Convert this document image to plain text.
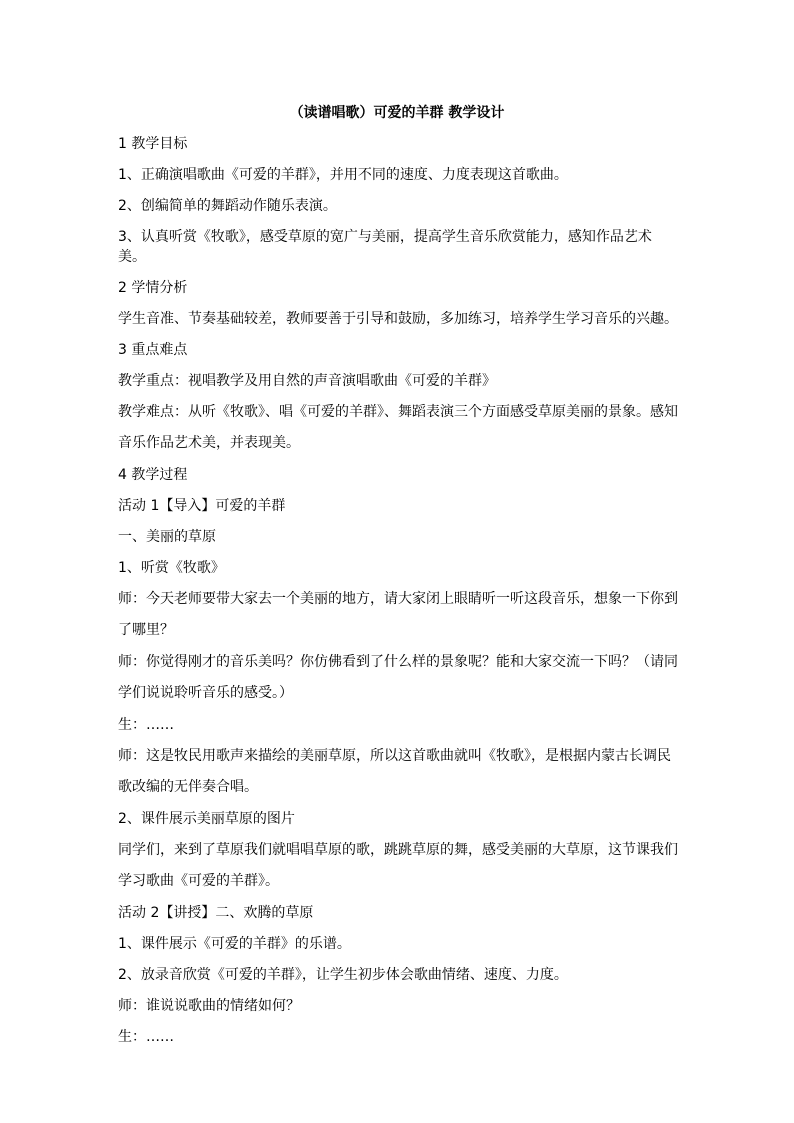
（读谱唱歌）可爱的羊群 教学设计

1 教学目标

1、正确演唱歌曲《可爱的羊群》，并用不同的速度、力度表现这首歌曲。

2、创编简单的舞蹈动作随乐表演。

3、认真听赏《牧歌》，感受草原的宽广与美丽，提高学生音乐欣赏能力，感知作品艺术美。

2 学情分析

学生音准、节奏基础较差，教师要善于引导和鼓励，多加练习，培养学生学习音乐的兴趣。

3 重点难点

教学重点：视唱教学及用自然的声音演唱歌曲《可爱的羊群》

教学难点：从听《牧歌》、唱《可爱的羊群》、舞蹈表演三个方面感受草原美丽的景象。感知音乐作品艺术美，并表现美。

4 教学过程

活动 1【导入】可爱的羊群

一、美丽的草原

1、听赏《牧歌》

师：今天老师要带大家去一个美丽的地方，请大家闭上眼睛听一听这段音乐，想象一下你到了哪里？

师：你觉得刚才的音乐美吗？你仿佛看到了什么样的景象呢？能和大家交流一下吗？（请同学们说说聆听音乐的感受。）

生：……

师：这是牧民用歌声来描绘的美丽草原，所以这首歌曲就叫《牧歌》，是根据内蒙古长调民歌改编的无伴奏合唱。

2、课件展示美丽草原的图片

同学们，来到了草原我们就唱唱草原的歌，跳跳草原的舞，感受美丽的大草原，这节课我们学习歌曲《可爱的羊群》。

活动 2【讲授】二、欢腾的草原

1、课件展示《可爱的羊群》的乐谱。

2、放录音欣赏《可爱的羊群》，让学生初步体会歌曲情绪、速度、力度。

师：谁说说歌曲的情绪如何？

生：……
